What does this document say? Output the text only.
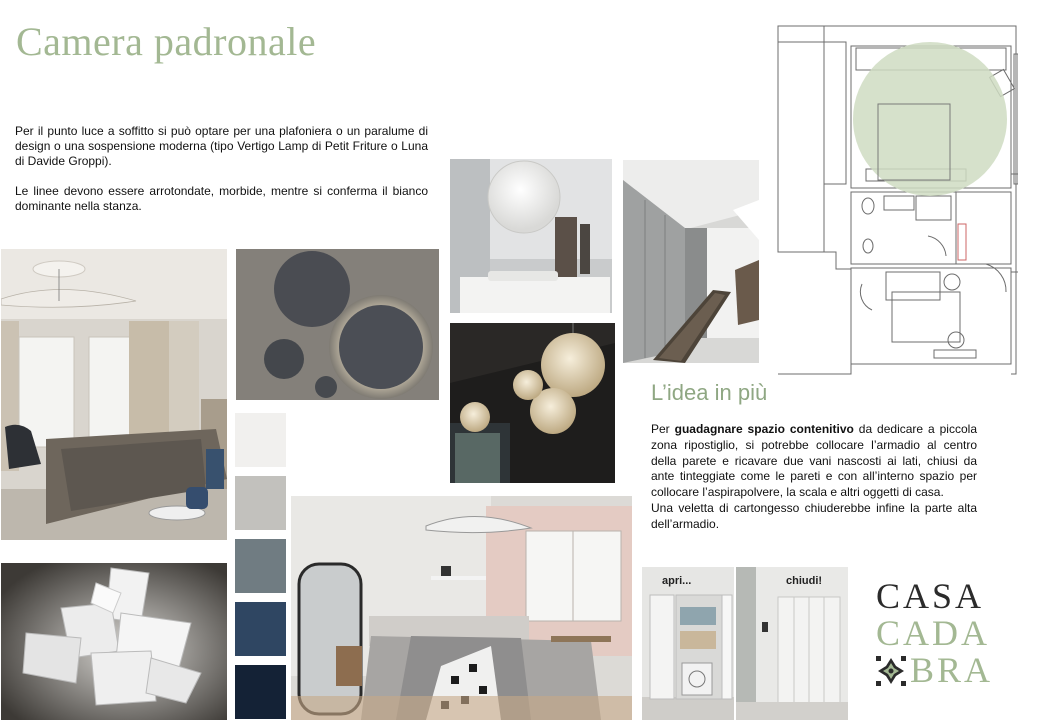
Camera padronale

Per il punto luce a soffitto si può optare per una plafoniera o un paralume di design o una sospensione moderna (tipo Vertigo Lamp di Petit Friture o Luna di Davide Groppi).

Le linee devono essere arrotondate, morbide, mentre si conferma il bianco dominante nella stanza.

L’idea in più
Per guadagnare spazio contenitivo da dedicare a piccola zona ripostiglio, si potrebbe collocare l’armadio al centro della parete e ricavare due vani nascosti ai lati, chiusi da ante tinteggiate come le pareti e con all’interno spazio per collocare l’aspirapolvere, la scala e altri oggetti di casa.
Una veletta di cartongesso chiuderebbe infine la parte alta dell’armadio.
apri...	chiudi! CASA
CADA
BRA
